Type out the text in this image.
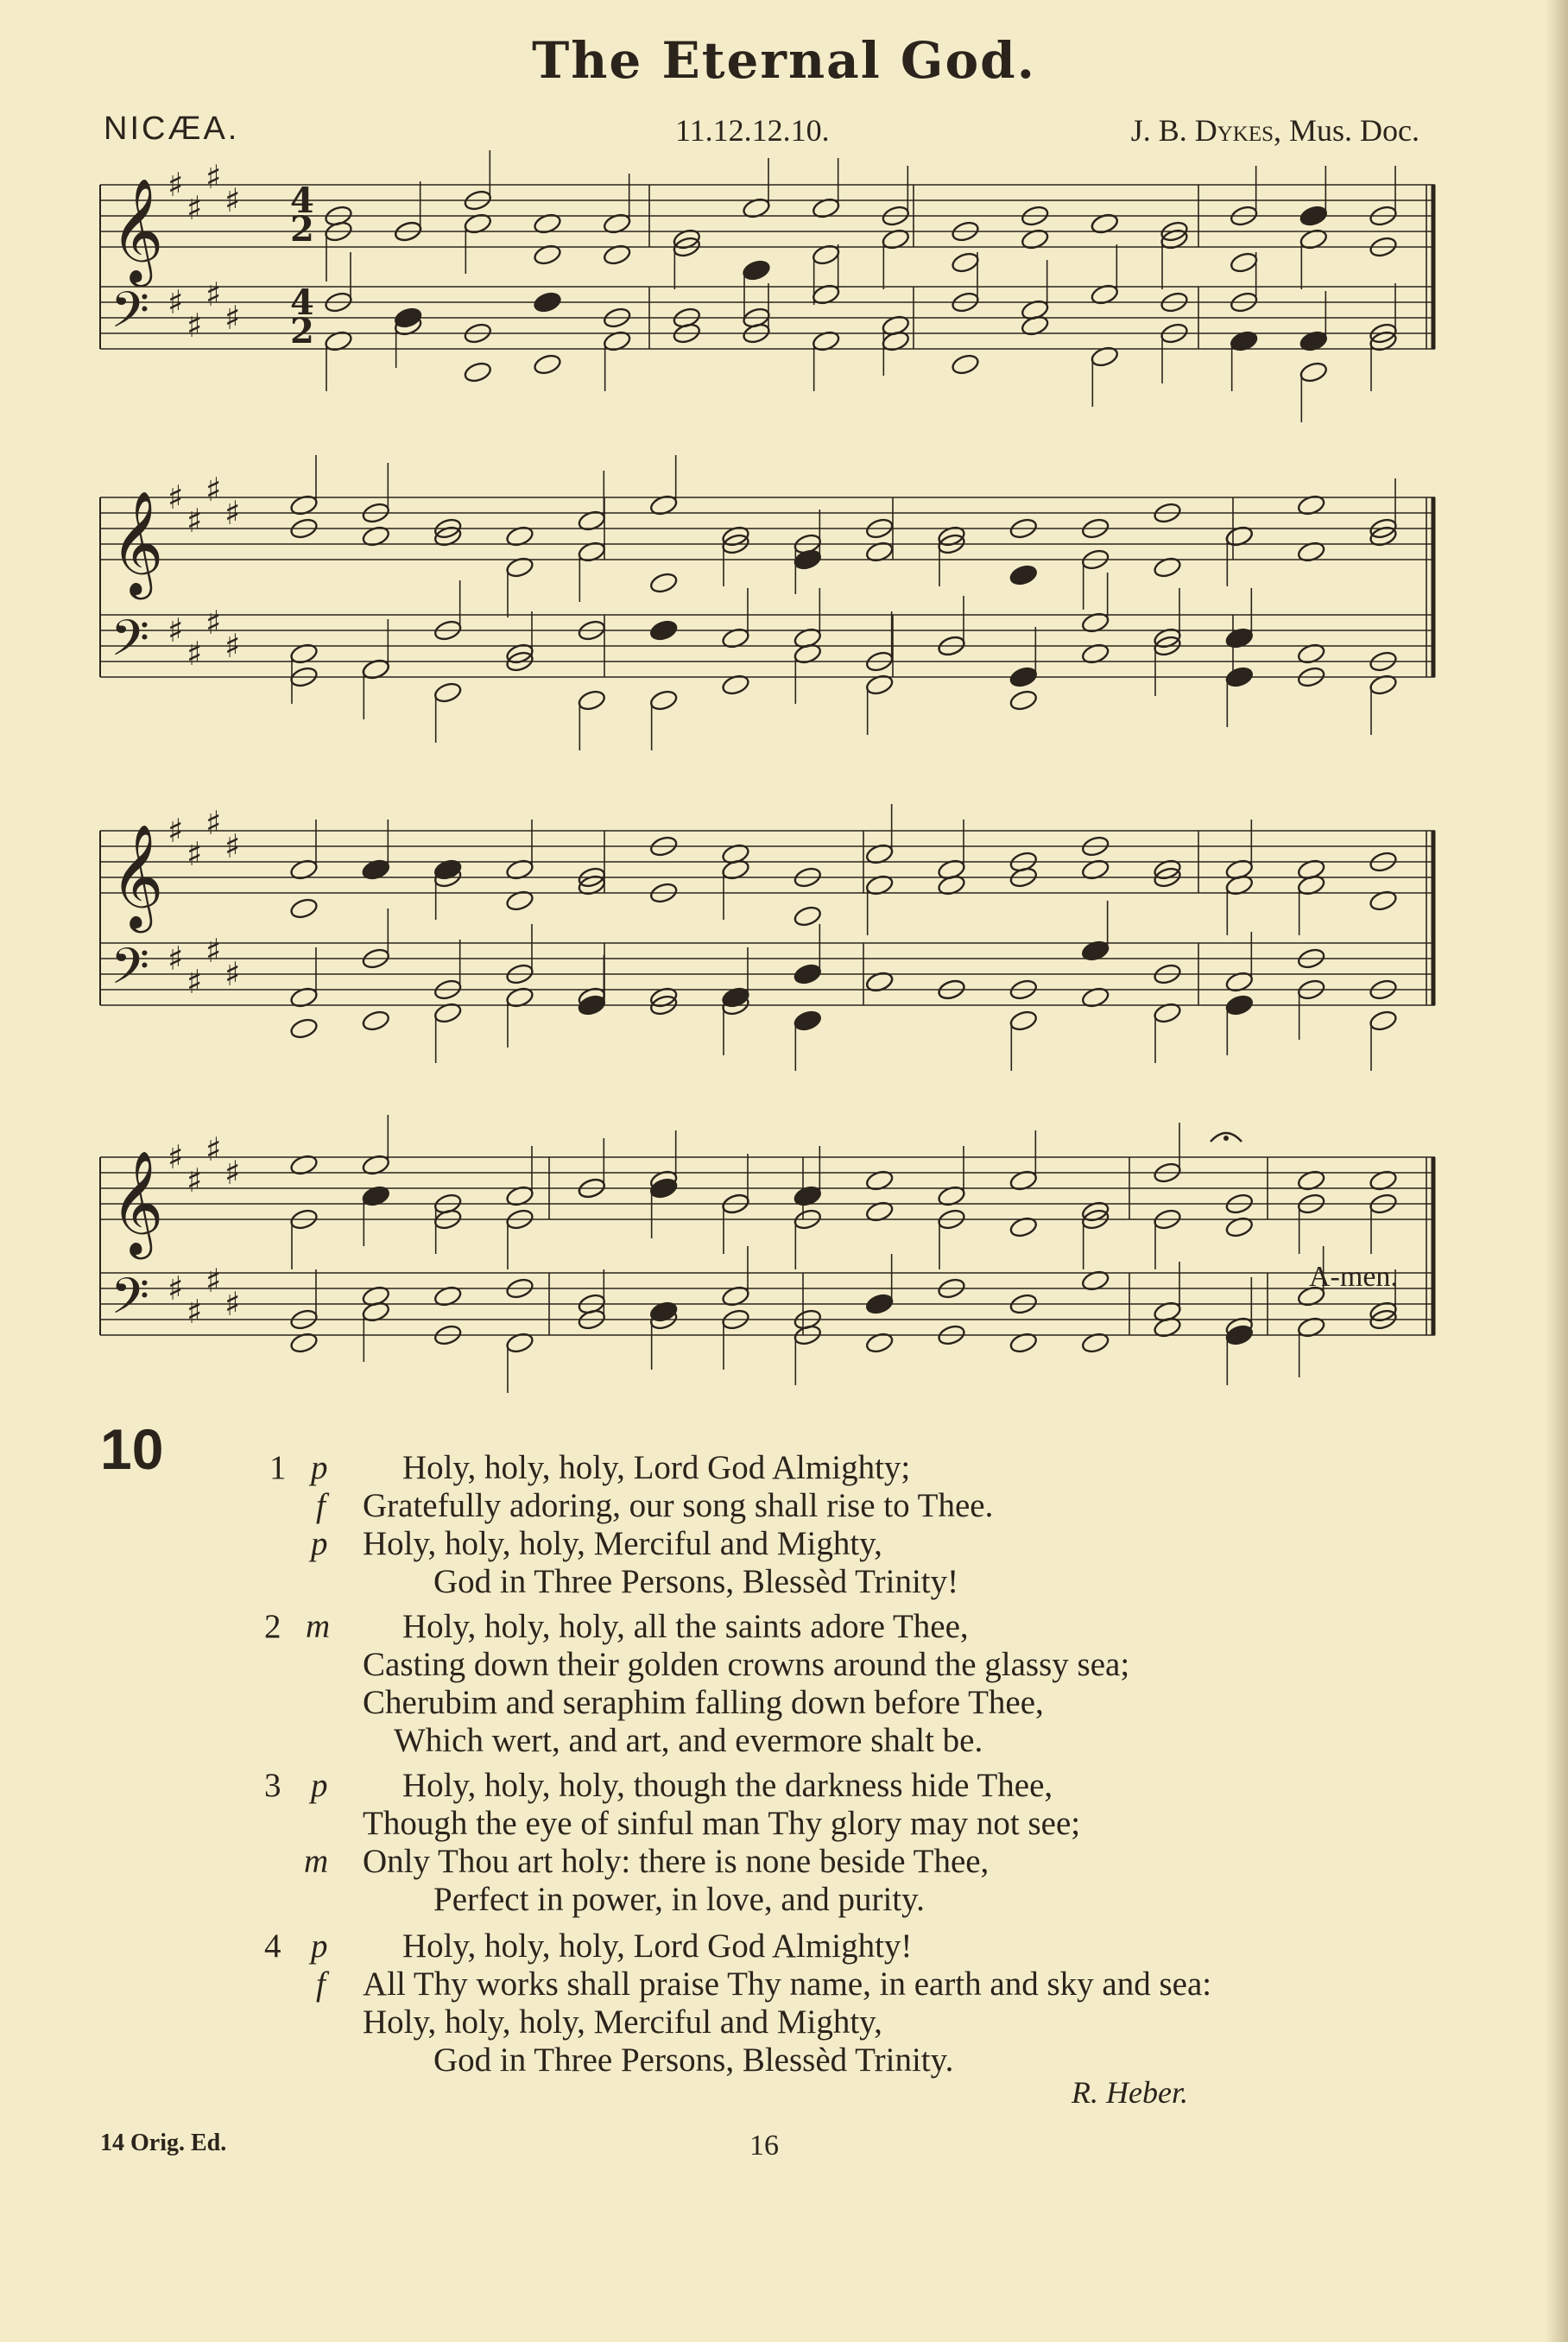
The Eternal God.
NICÆA.	11.12.12.10.	J. B. Dykes, Mus. Doc.
𝄞
𝄢
♯
♯
♯
♯
♯
♯
♯
♯
4
2
4
2
𝄞
𝄢
♯
♯
♯
♯
♯
♯
♯
♯
𝄞
𝄢
♯
♯
♯
♯
♯
♯
♯
♯
𝄞
𝄢
♯
♯
♯
♯
♯
♯
♯
♯
A-men.
10	1 p Holy, holy, holy, Lord God Almighty;
f Gratefully adoring, our song shall rise to Thee.
p Holy, holy, holy, Merciful and Mighty,
God in Three Persons, Blessèd Trinity!
2 m Holy, holy, holy, all the saints adore Thee,
Casting down their golden crowns around the glassy sea;
Cherubim and seraphim falling down before Thee,
Which wert, and art, and evermore shalt be.
3 p Holy, holy, holy, though the darkness hide Thee,
Though the eye of sinful man Thy glory may not see;
m Only Thou art holy: there is none beside Thee,
Perfect in power, in love, and purity.
4 p Holy, holy, holy, Lord God Almighty!
f All Thy works shall praise Thy name, in earth and sky and sea:
Holy, holy, holy, Merciful and Mighty,
God in Three Persons, Blessèd Trinity.
R. Heber.
14 Orig. Ed.	16
